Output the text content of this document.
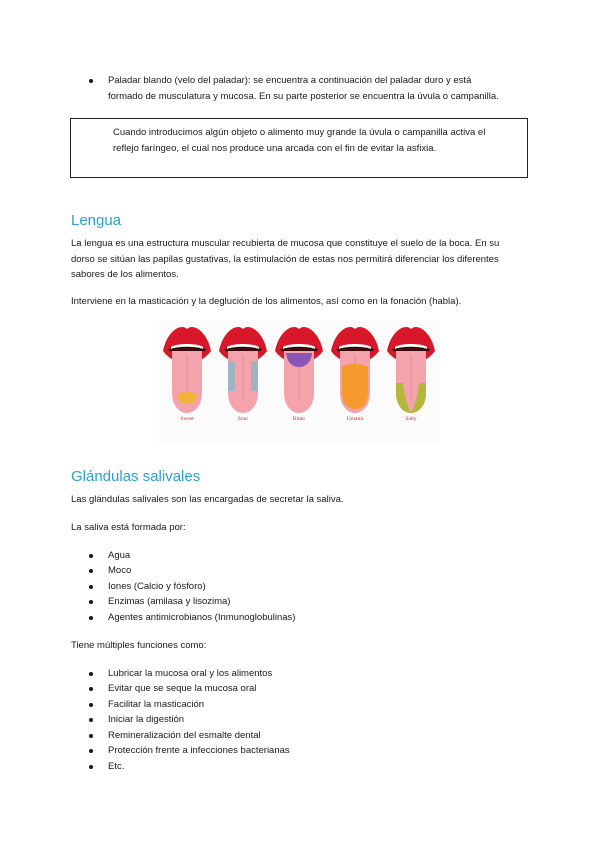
Paladar blando (velo del paladar): se encuentra a continuación del paladar duro y está
formado de musculatura y mucosa. En su parte posterior se encuentra la úvula o campanilla.
Cuando introducimos algún objeto o alimento muy grande la úvula o campanilla activa el
reflejo faríngeo, el cual nos produce una arcada con el fin de evitar la asfixia.
Lengua
La lengua es una estructura muscular recubierta de mucosa que constituye el suelo de la boca. En su
dorso se sitúan las papilas gustativas, la estimulación de estas nos permitirá diferenciar los diferentes
sabores de los alimentos.
Interviene en la masticación y la deglución de los alimentos, así como en la fonación (habla).
Sweet	Sour	Bitter	Umami	Salty
Glándulas salivales
Las glándulas salivales son las encargadas de secretar la saliva.
La saliva está formada por:
Agua
Moco
Iones (Calcio y fósforo)
Enzimas (amilasa y lisozima)
Agentes antimicrobianos (Inmunoglobulinas)
Tiene múltiples funciones como:
Lubricar la mucosa oral y los alimentos
Evitar que se seque la mucosa oral
Facilitar la masticación
Iniciar la digestión
Remineralización del esmalte dental
Protección frente a infecciones bacterianas
Etc.
